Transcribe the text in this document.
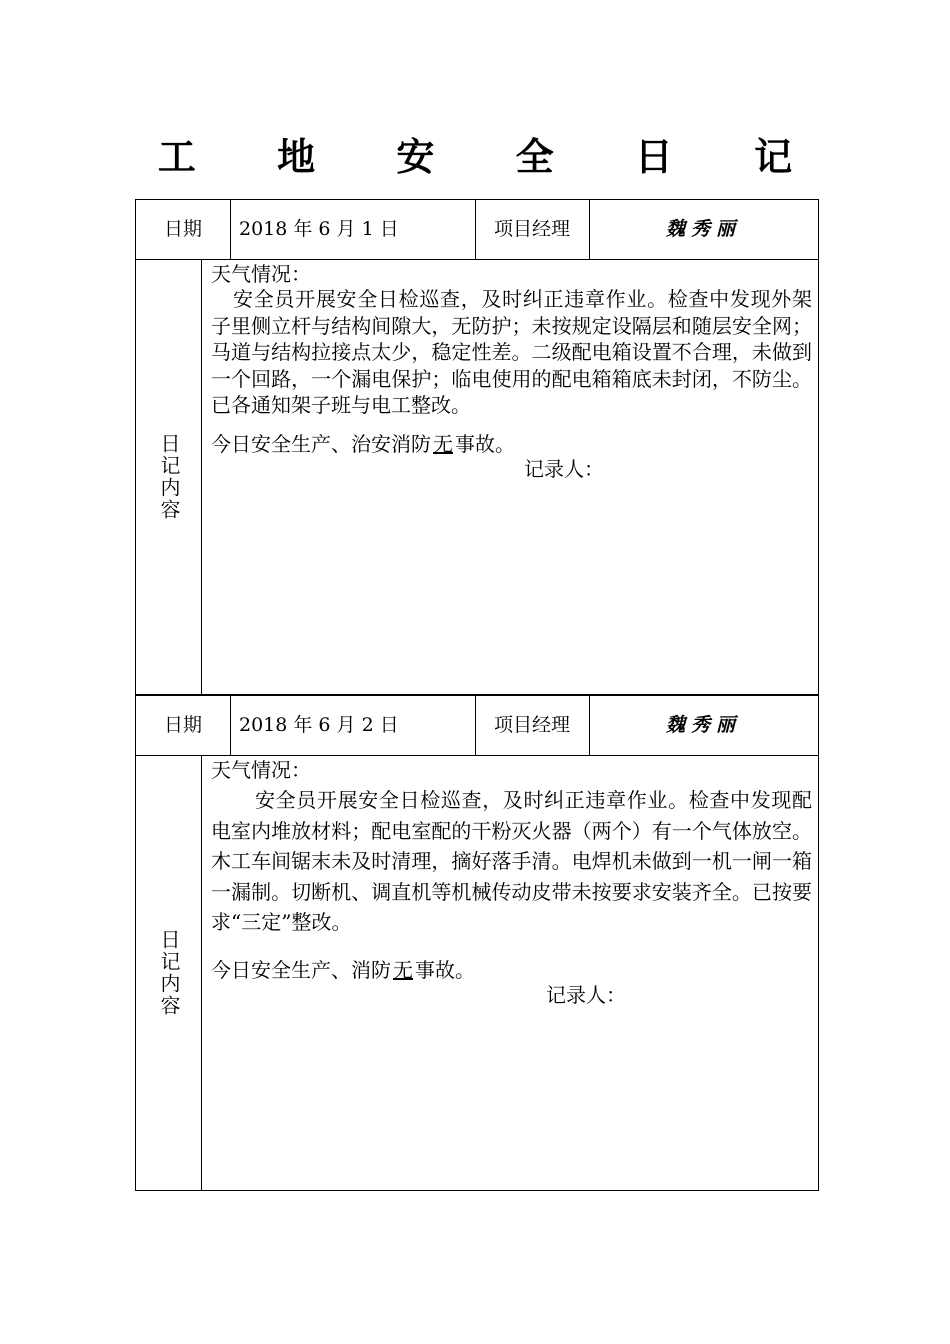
工 地 安 全 日 记
日期	2018 年 6 月 1 日	项目经理	魏秀丽
日记内容
天气情况：
安全员开展安全日检巡查，及时纠正违章作业。检查中发现外架子里侧立杆与结构间隙大，无防护；未按规定设隔层和随层安全网；马道与结构拉接点太少，稳定性差。二级配电箱设置不合理，未做到一个回路，一个漏电保护；临电使用的配电箱箱底未封闭，不防尘。已各通知架子班与电工整改。
今日安全生产、治安消防 无 事故。
记录人：
日期	2018 年 6 月 2 日	项目经理	魏秀丽
日记内容
天气情况：
安全员开展安全日检巡查，及时纠正违章作业。检查中发现配电室内堆放材料；配电室配的干粉灭火器（两个）有一个气体放空。木工车间锯末未及时清理，摘好落手清。电焊机未做到一机一闸一箱一漏制。切断机、调直机等机械传动皮带未按要求安装齐全。已按要求“三定”整改。
今日安全生产、消防 无 事故。
记录人：
